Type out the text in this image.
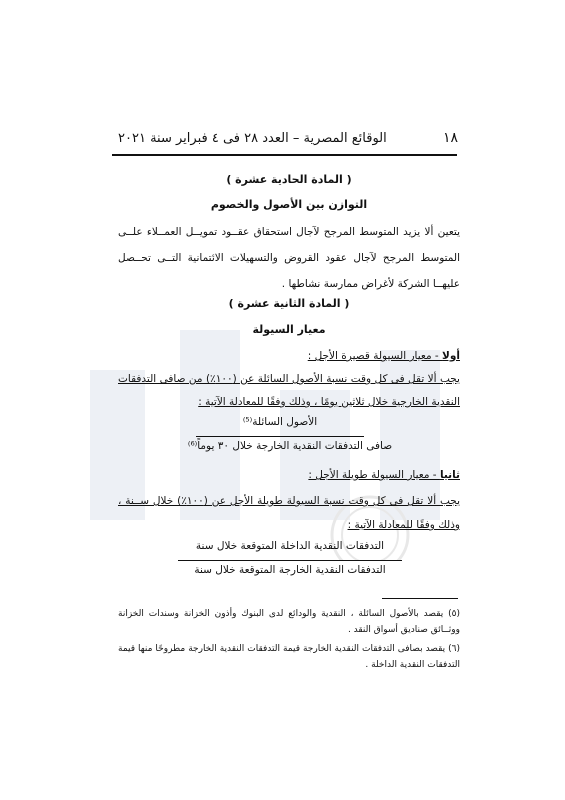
١٨
الوقائع المصرية – العدد ٢٨ فى ٤ فبراير سنة ٢٠٢١
( المادة الحادية عشرة )
التوازن بين الأصول والخصوم
يتعين ألا يزيد المتوسط المرجح لآجال استحقاق عقــود تمويــل العمــلاء علــى المتوسط المرجح لآجال عقود القروض والتسهيلات الائتمانية التــى تحــصل عليهــا الشركة لأغراض ممارسة نشاطها .
( المادة الثانية عشرة )
معيار السيولة
أولا - معيار السيولة قصيرة الأجل :
يجب ألا تقل فى كل وقت نسبة الأصول السائلة عن (١٠٠٪) من صافى التدفقات النقدية الخارجية خلال ثلاثين يومًا ، وذلك وفقًا للمعادلة الآتية :
الأصول السائلة⁽⁵⁾
صافى التدفقات النقدية الخارجة خلال ٣٠ يوماً⁽⁶⁾
ثانيا - معيار السيولة طويلة الأجل :
يجب ألا تقل فى كل وقت نسبة السيولة طويلة الأجل عن (١٠٠٪) خلال ســنة ، وذلك وفقًا للمعادلة الآتية :
التدفقات النقدية الداخلة المتوقعة خلال سنة
التدفقات النقدية الخارجة المتوقعة خلال سنة
(٥) يقصد بالأصول السائلة ، النقدية والودائع لدى البنوك وأذون الخزانة وسندات الخزانة ووثــائق صناديق أسواق النقد .
(٦) يقصد بصافى التدفقات النقدية الخارجة قيمة التدفقات النقدية الخارجة مطروحًا منها قيمة التدفقات النقدية الداخلة .
